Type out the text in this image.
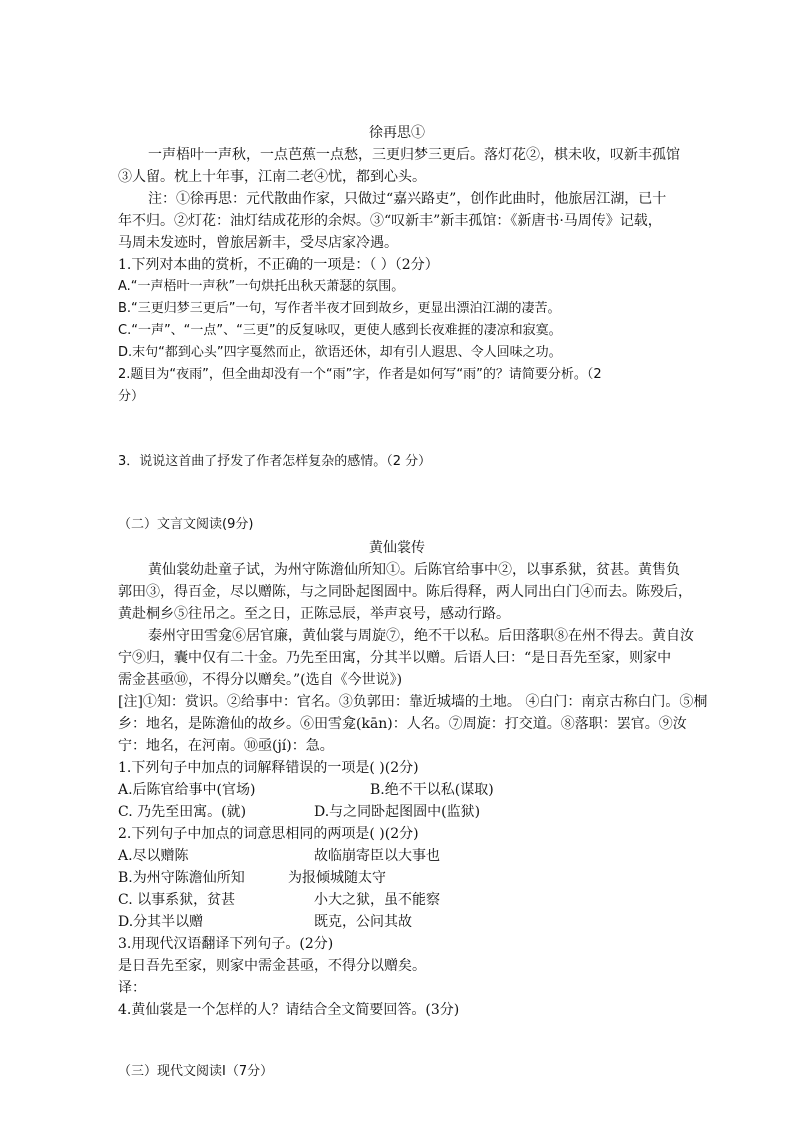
徐再思①
一声梧叶一声秋，一点芭蕉一点愁，三更归梦三更后。落灯花②，棋未收，叹新丰孤馆
③人留。枕上十年事，江南二老④忧，都到心头。
注：①徐再思：元代散曲作家，只做过“嘉兴路吏”，创作此曲时，他旅居江湖，已十
年不归。②灯花：油灯结成花形的余烬。③“叹新丰”新丰孤馆：《新唐书·马周传》记载，
马周未发迹时，曾旅居新丰，受尽店家冷遇。
1.下列对本曲的赏析，不正确的一项是：（ ）（2分）
A.“一声梧叶一声秋”一句烘托出秋天萧瑟的氛围。
B.“三更归梦三更后”一句，写作者半夜才回到故乡，更显出漂泊江湖的凄苦。
C.“一声”、“一点”、“三更”的反复咏叹，更使人感到长夜难捱的凄凉和寂寞。
D.末句“都到心头”四字戛然而止，欲语还休，却有引人遐思、令人回味之功。
2.题目为“夜雨”，但全曲却没有一个“雨”字，作者是如何写“雨”的？请简要分析。（2
分）
3．说说这首曲了抒发了作者怎样复杂的感情。（2 分）
（二）文言文阅读(9分)
黄仙裳传
黄仙裳幼赴童子试，为州守陈澹仙所知①。后陈官给事中②，以事系狱，贫甚。黄售负
郭田③，得百金，尽以赠陈，与之同卧起图圄中。陈后得释，两人同出白门④而去。陈殁后，
黄赴桐乡⑤往吊之。至之日，正陈忌辰，举声哀号，感动行路。
泰州守田雪龛⑥居官廉，黄仙裳与周旋⑦，绝不干以私。后田落职⑧在州不得去。黄自汝
宁⑨归，囊中仅有二十金。乃先至田寓，分其半以赠。后语人曰：“是日吾先至家，则家中
需金甚亟⑩，不得分以赠矣。”(选自《今世说》)
[注]①知：赏识。②给事中：官名。③负郭田：靠近城墙的土地。 ④白门：南京古称白门。⑤桐
乡：地名，是陈澹仙的故乡。⑥田雪龛(kān)：人名。⑦周旋：打交道。⑧落职：罢官。⑨汝
宁：地名，在河南。⑩亟(jí)：急。
1.下列句子中加点的词解释错误的一项是( )(2分)
A.后陈官给事中(官场)	B.绝不干以私(谋取)
C. 乃先至田寓。(就)	D.与之同卧起图圄中(监狱)
2.下列句子中加点的词意思相同的两项是( )(2分)
A.尽以赠陈	故临崩寄臣以大事也
B.为州守陈澹仙所知	为报倾城随太守
C. 以事系狱，贫甚	小大之狱，虽不能察
D.分其半以赠	既克，公问其故
3.用现代汉语翻译下列句子。(2分)
是日吾先至家，则家中需金甚亟，不得分以赠矣。
译：
4.黄仙裳是一个怎样的人？请结合全文简要回答。(3分)
（三）现代文阅读Ⅰ（7分）
